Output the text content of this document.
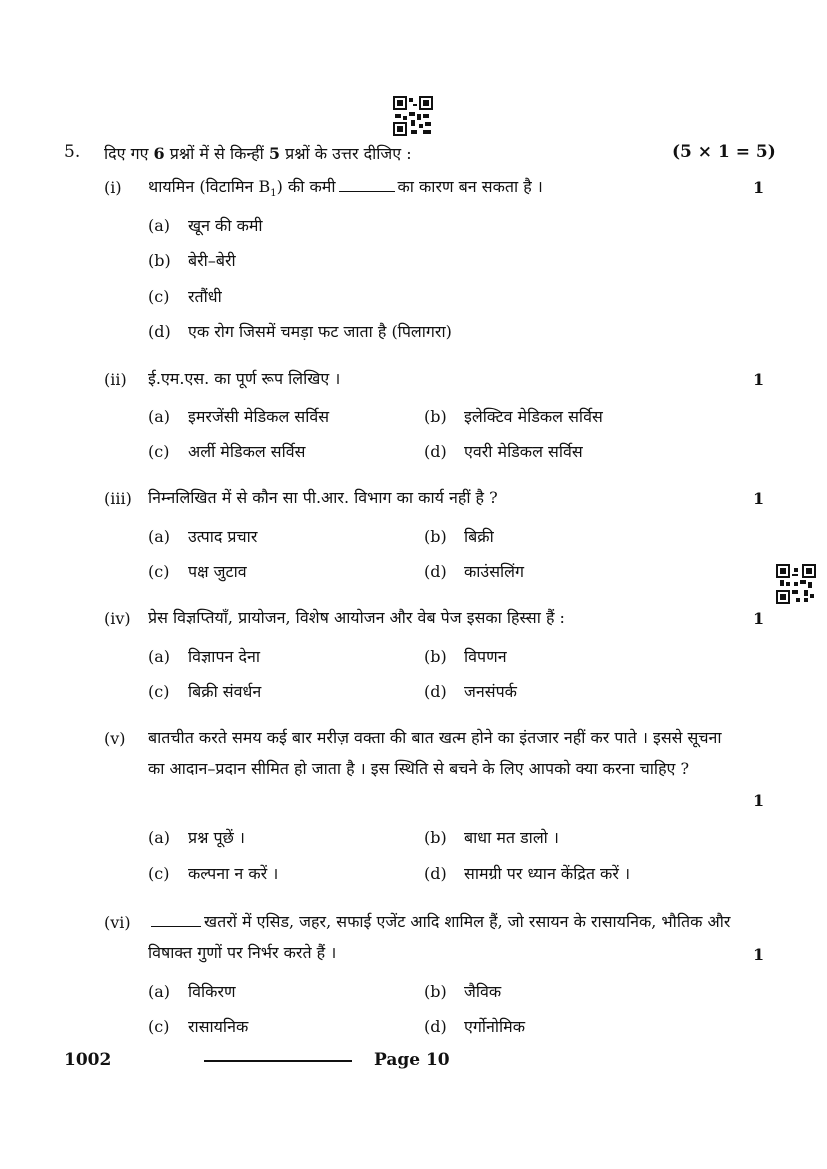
5. दिए गए 6 प्रश्नों में से किन्हीं 5 प्रश्नों के उत्तर दीजिए :	(5 × 1 = 5)
(i) थायमिन (विटामिन $B_1$) की कमी	का कारण बन सकता है ।	1
(a) खून की कमी
(b) बेरी–बेरी
(c) रतौंधी
(d) एक रोग जिसमें चमड़ा फट जाता है (पिलागरा)
(ii) ई.एम.एस. का पूर्ण रूप लिखिए ।	1
(a) इमरजेंसी मेडिकल सर्विस	(b) इलेक्टिव मेडिकल सर्विस
(c) अर्ली मेडिकल सर्विस	(d) एवरी मेडिकल सर्विस
(iii) निम्नलिखित में से कौन सा पी.आर. विभाग का कार्य नहीं है ?	1
(a) उत्पाद प्रचार	(b) बिक्री
(c) पक्ष जुटाव	(d) काउंसलिंग
(iv) प्रेस विज्ञप्तियाँ, प्रायोजन, विशेष आयोजन और वेब पेज इसका हिस्सा हैं :	1
(a) विज्ञापन देना	(b) विपणन
(c) बिक्री संवर्धन	(d) जनसंपर्क
(v) बातचीत करते समय कई बार मरीज़ वक्ता की बात खत्म होने का इंतजार नहीं कर पाते । इससे सूचना का आदान–प्रदान सीमित हो जाता है । इस स्थिति से बचने के लिए आपको क्या करना चाहिए ?
1
(a) प्रश्न पूछें ।	(b) बाधा मत डालो ।
(c) कल्पना न करें ।	(d) सामग्री पर ध्यान केंद्रित करें ।
(vi)	खतरों में एसिड, जहर, सफाई एजेंट आदि शामिल हैं, जो रसायन के रासायनिक, भौतिक और विषाक्त गुणों पर निर्भर करते हैं ।	1
(a) विकिरण	(b) जैविक
(c) रासायनिक	(d) एर्गोनोमिक
1002	Page 10
